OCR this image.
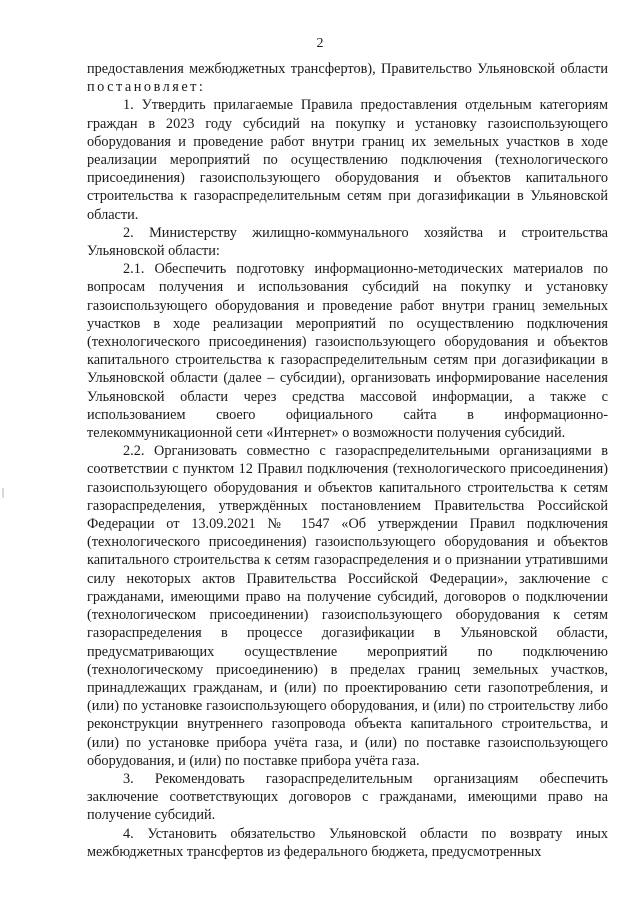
2

предоставления межбюджетных трансфертов), Правительство Ульяновской области постановляет:

1. Утвердить прилагаемые Правила предоставления отдельным категориям граждан в 2023 году субсидий на покупку и установку газоиспользующего оборудования и проведение работ внутри границ их земельных участков в ходе реализации мероприятий по осуществлению подключения (технологического присоединения) газоиспользующего оборудования и объектов капитального строительства к газораспределительным сетям при догазификации в Ульяновской области.

2. Министерству жилищно-коммунального хозяйства и строительства Ульяновской области:

2.1. Обеспечить подготовку информационно-методических материалов по вопросам получения и использования субсидий на покупку и установку газоиспользующего оборудования и проведение работ внутри границ земельных участков в ходе реализации мероприятий по осуществлению подключения (технологического присоединения) газоиспользующего оборудования и объектов капитального строительства к газораспределительным сетям при догазификации в Ульяновской области (далее – субсидии), организовать информирование населения Ульяновской области через средства массовой информации, а также с использованием своего официального сайта в информационно-телекоммуникационной сети «Интернет» о возможности получения субсидий.

2.2. Организовать совместно с газораспределительными организациями в соответствии с пунктом 12 Правил подключения (технологического присоединения) газоиспользующего оборудования и объектов капитального строительства к сетям газораспределения, утверждённых постановлением Правительства Российской Федерации от 13.09.2021 № 1547 «Об утверждении Правил подключения (технологического присоединения) газоиспользующего оборудования и объектов капитального строительства к сетям газораспределения и о признании утратившими силу некоторых актов Правительства Российской Федерации», заключение с гражданами, имеющими право на получение субсидий, договоров о подключении (технологическом присоединении) газоиспользующего оборудования к сетям газораспределения в процессе догазификации в Ульяновской области, предусматривающих осуществление мероприятий по подключению (технологическому присоединению) в пределах границ земельных участков, принадлежащих гражданам, и (или) по проектированию сети газопотребления, и (или) по установке газоиспользующего оборудования, и (или) по строительству либо реконструкции внутреннего газопровода объекта капитального строительства, и (или) по установке прибора учёта газа, и (или) по поставке газоиспользующего оборудования, и (или) по поставке прибора учёта газа.

3. Рекомендовать газораспределительным организациям обеспечить заключение соответствующих договоров с гражданами, имеющими право на получение субсидий.

4. Установить обязательство Ульяновской области по возврату иных межбюджетных трансфертов из федерального бюджета, предусмотренных
